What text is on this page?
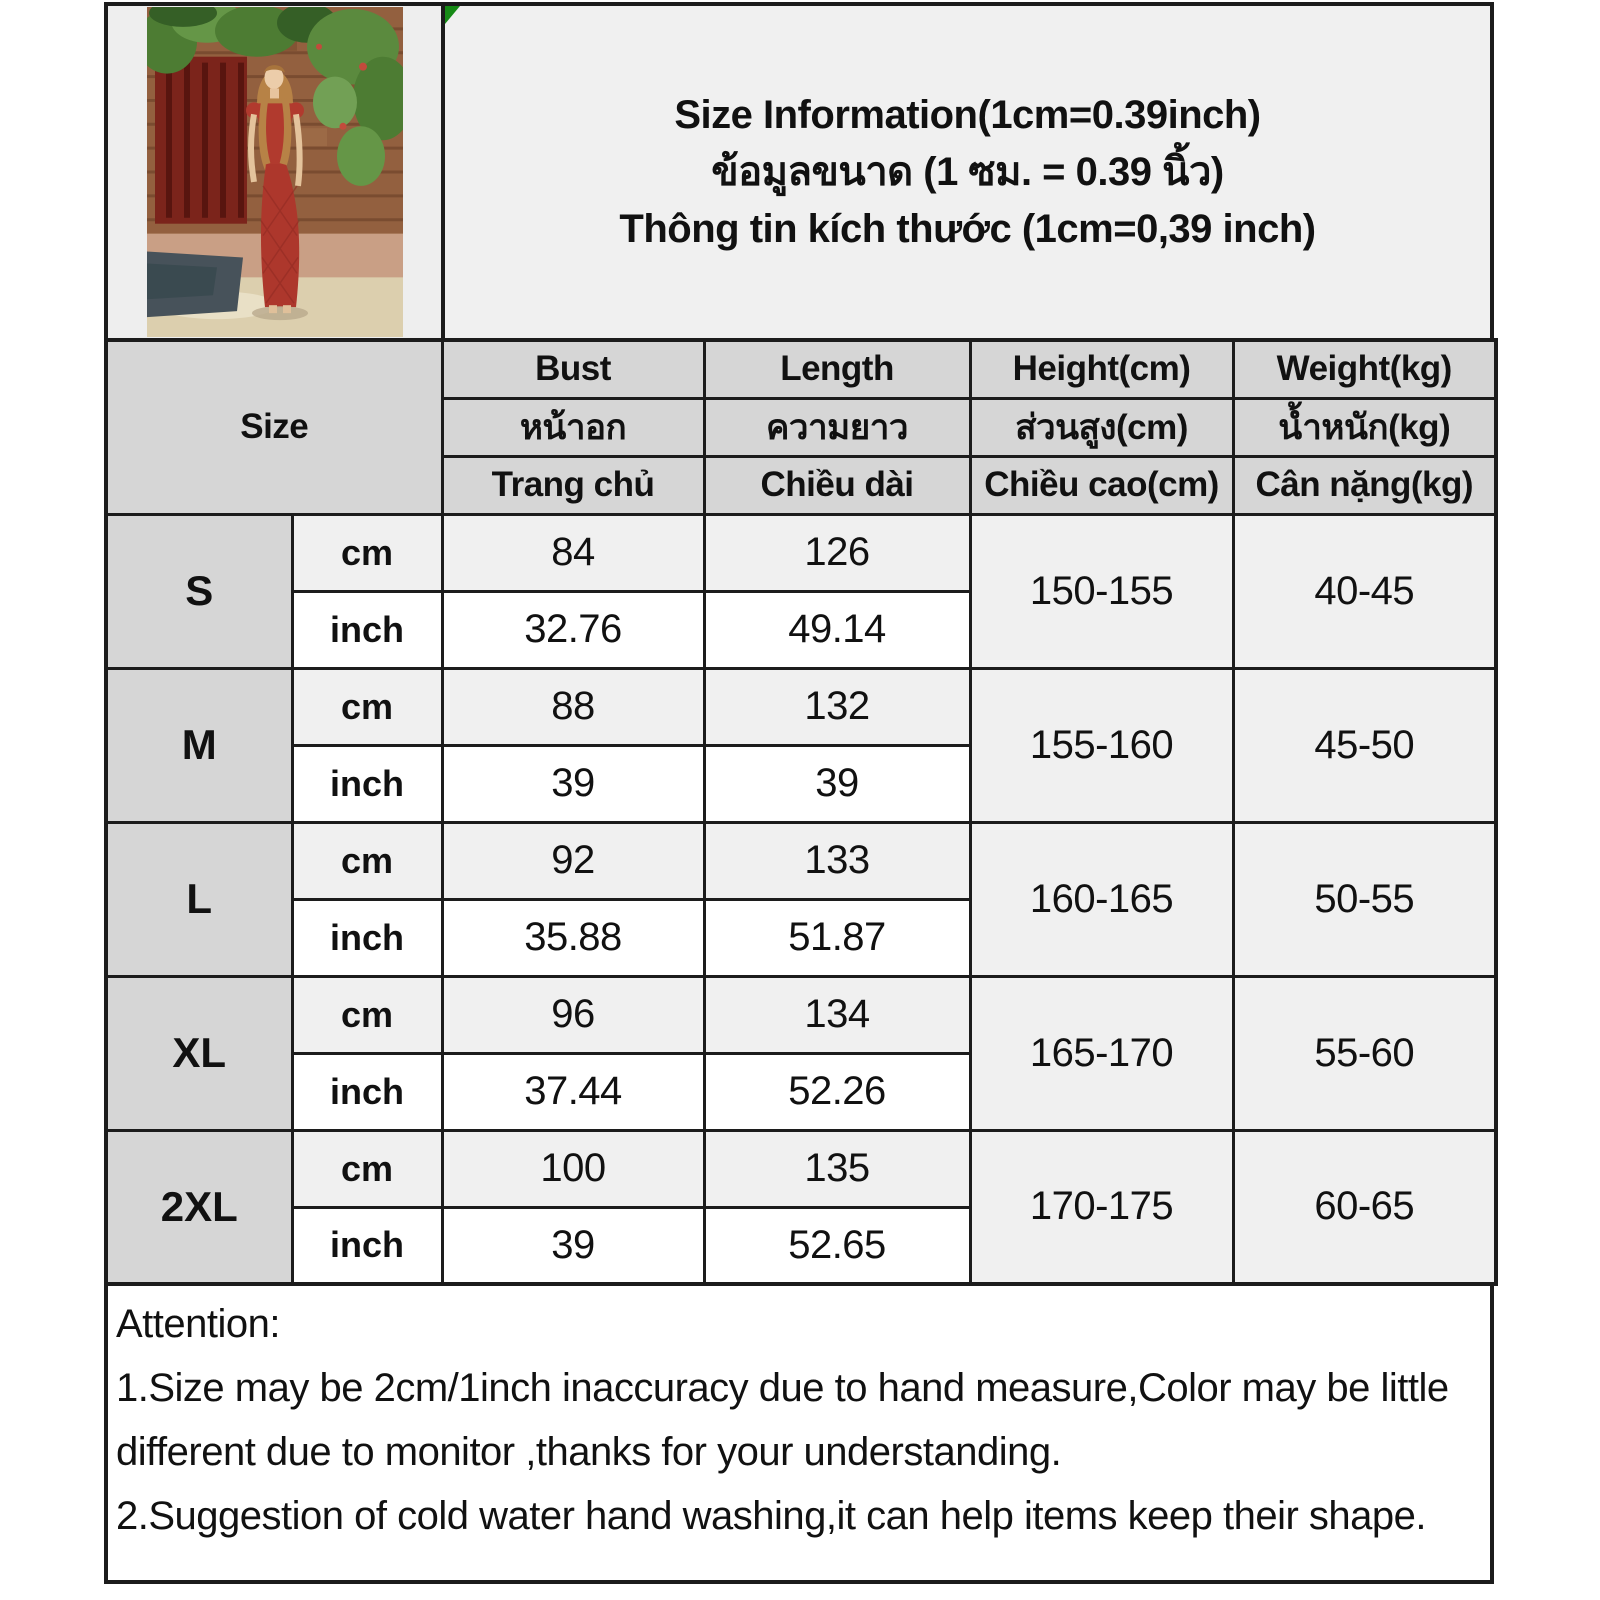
Size Information(1cm=0.39inch)
ข้อมูลขนาด (1 ซม. = 0.39 นิ้ว)
Thông tin kích thước (1cm=0,39 inch)
Size		Bust	Length	Height(cm)	Weight(kg)
		หน้าอก	ความยาว	ส่วนสูง(cm)	น้ำหนัก(kg)
		Trang chủ	Chiều dài	Chiều cao(cm)	Cân nặng(kg)
S	cm	84	126	150-155	40-45
	inch	32.76	49.14		
M	cm	88	132	155-160	45-50
	inch	39	39		
L	cm	92	133	160-165	50-55
	inch	35.88	51.87		
XL	cm	96	134	165-170	55-60
	inch	37.44	52.26		
2XL	cm	100	135	170-175	60-65
	inch	39	52.65		

Attention:

1.Size may be 2cm/1inch inaccuracy due to hand measure,Color may be little different due to monitor ,thanks for your understanding.

2.Suggestion of cold water hand washing,it can help items keep their shape.
